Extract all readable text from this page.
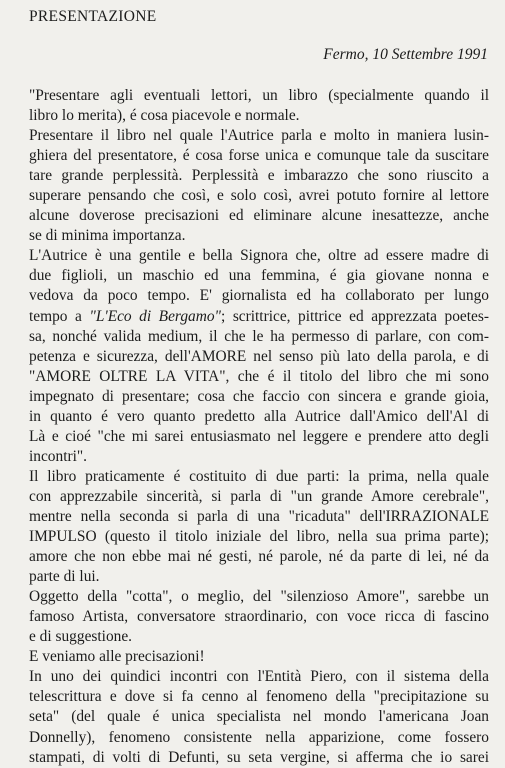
PRESENTAZIONE
Fermo, 10 Settembre 1991
"Presentare agli eventuali lettori, un libro (specialmente quando il
libro lo merita), é cosa piacevole e normale.
Presentare il libro nel quale l'Autrice parla e molto in maniera lusin-
ghiera del presentatore, é cosa forse unica e comunque tale da suscitare
tare grande perplessità. Perplessità e imbarazzo che sono riuscito a
superare pensando che così, e solo così, avrei potuto fornire al lettore
alcune doverose precisazioni ed eliminare alcune inesattezze, anche
se di minima importanza.
L'Autrice è una gentile e bella Signora che, oltre ad essere madre di
due figlioli, un maschio ed una femmina, é gia giovane nonna e
vedova da poco tempo. E' giornalista ed ha collaborato per lungo
tempo a "L'Eco di Bergamo"; scrittrice, pittrice ed apprezzata poetes-
sa, nonché valida medium, il che le ha permesso di parlare, con com-
petenza e sicurezza, dell'AMORE nel senso più lato della parola, e di
"AMORE OLTRE LA VITA", che é il titolo del libro che mi sono
impegnato di presentare; cosa che faccio con sincera e grande gioia,
in quanto é vero quanto predetto alla Autrice dall'Amico dell'Al di
Là e cioé "che mi sarei entusiasmato nel leggere e prendere atto degli
incontri".
Il libro praticamente é costituito di due parti: la prima, nella quale
con apprezzabile sincerità, si parla di "un grande Amore cerebrale",
mentre nella seconda si parla di una "ricaduta" dell'IRRAZIONALE
IMPULSO (questo il titolo iniziale del libro, nella sua prima parte);
amore che non ebbe mai né gesti, né parole, né da parte di lei, né da
parte di lui.
Oggetto della "cotta", o meglio, del "silenzioso Amore", sarebbe un
famoso Artista, conversatore straordinario, con voce ricca di fascino
e di suggestione.
E veniamo alle precisazioni!
In uno dei quindici incontri con l'Entità Piero, con il sistema della
telescrittura e dove si fa cenno al fenomeno della "precipitazione su
seta" (del quale é unica specialista nel mondo l'americana Joan
Donnelly), fenomeno consistente nella apparizione, come fossero
stampati, di volti di Defunti, su seta vergine, si afferma che io sarei
